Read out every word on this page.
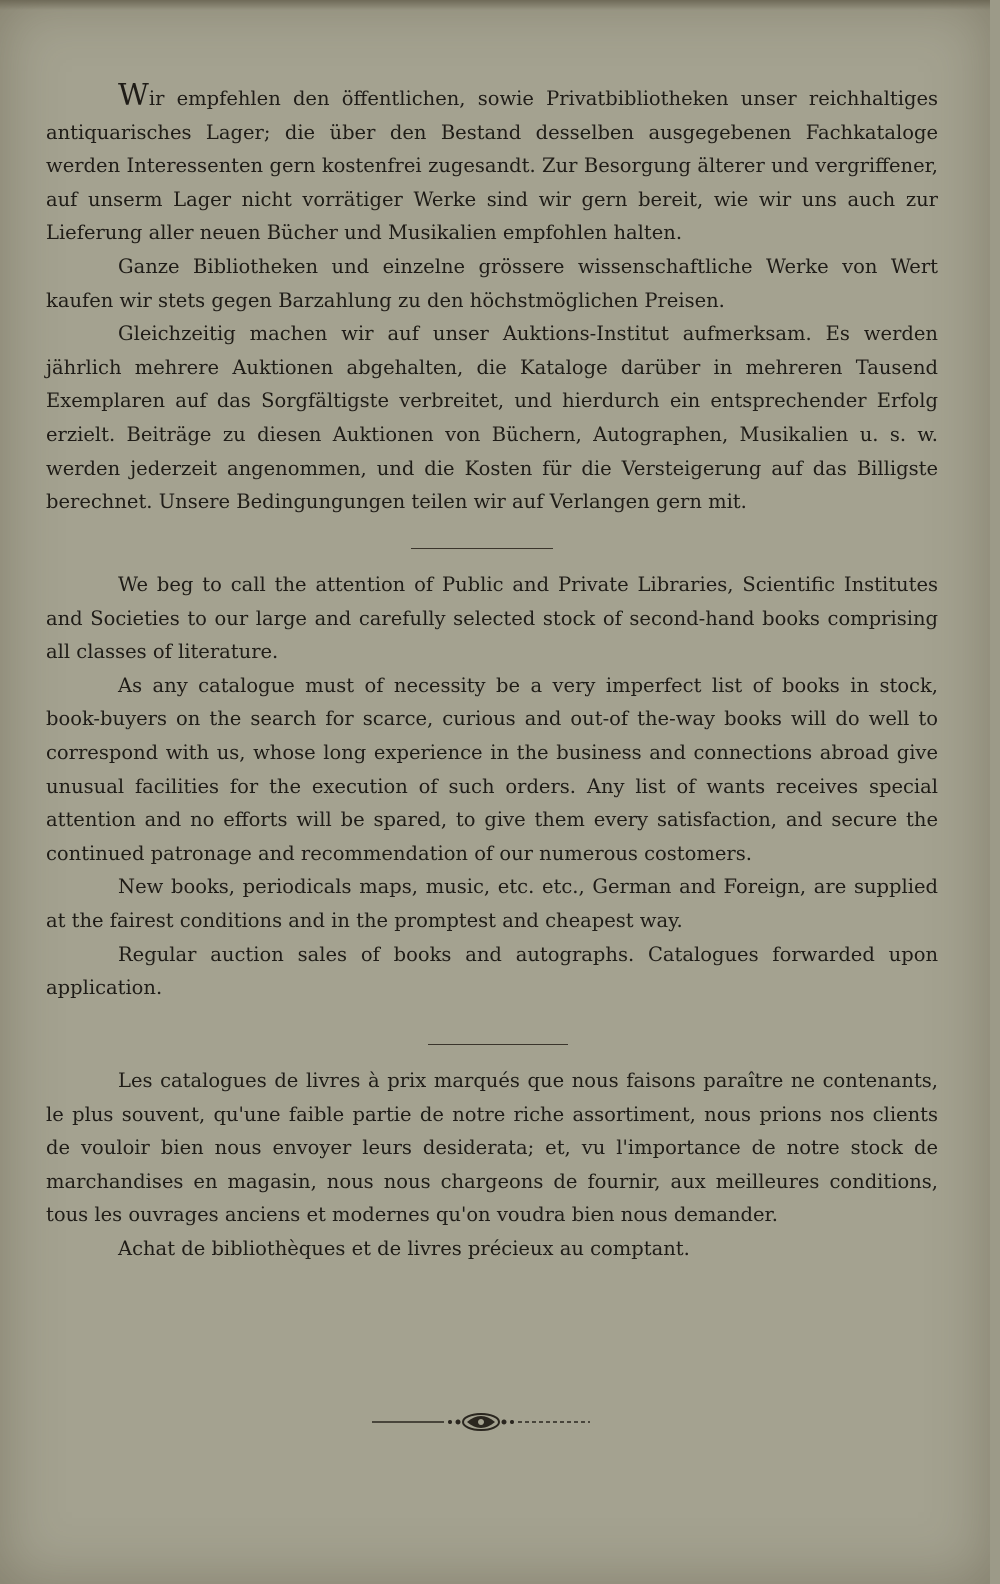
Wir empfehlen den öffentlichen, sowie Privatbibliotheken unser reichhaltiges antiquarisches Lager; die über den Bestand desselben ausgegebenen Fachkataloge werden Interessenten gern kostenfrei zugesandt. Zur Besorgung älterer und vergriffener, auf unserm Lager nicht vorrätiger Werke sind wir gern bereit, wie wir uns auch zur Lieferung aller neuen Bücher und Musikalien empfohlen halten.

Ganze Bibliotheken und einzelne grössere wissenschaftliche Werke von Wert kaufen wir stets gegen Barzahlung zu den höchstmöglichen Preisen.

Gleichzeitig machen wir auf unser Auktions-Institut aufmerksam. Es werden jährlich mehrere Auktionen abgehalten, die Kataloge darüber in mehreren Tausend Exemplaren auf das Sorgfältigste verbreitet, und hierdurch ein entsprechender Erfolg erzielt. Beiträge zu diesen Auktionen von Büchern, Autographen, Musikalien u. s. w. werden jederzeit angenommen, und die Kosten für die Versteigerung auf das Billigste berechnet. Unsere Bedingungungen teilen wir auf Verlangen gern mit.

We beg to call the attention of Public and Private Libraries, Scientific Institutes and Societies to our large and carefully selected stock of second-hand books comprising all classes of literature.

As any catalogue must of necessity be a very imperfect list of books in stock, book-buyers on the search for scarce, curious and out-of the-way books will do well to correspond with us, whose long experience in the business and connections abroad give unusual facilities for the execution of such orders. Any list of wants receives special attention and no efforts will be spared, to give them every satisfaction, and secure the continued patronage and recommendation of our numerous costomers.

New books, periodicals maps, music, etc. etc., German and Foreign, are supplied at the fairest conditions and in the promptest and cheapest way.

Regular auction sales of books and autographs. Catalogues forwarded upon application.

Les catalogues de livres à prix marqués que nous faisons paraître ne contenants, le plus souvent, qu'une faible partie de notre riche assortiment, nous prions nos clients de vouloir bien nous envoyer leurs desiderata; et, vu l'importance de notre stock de marchandises en magasin, nous nous chargeons de fournir, aux meilleures conditions, tous les ouvrages anciens et modernes qu'on voudra bien nous demander.

Achat de bibliothèques et de livres précieux au comptant.
